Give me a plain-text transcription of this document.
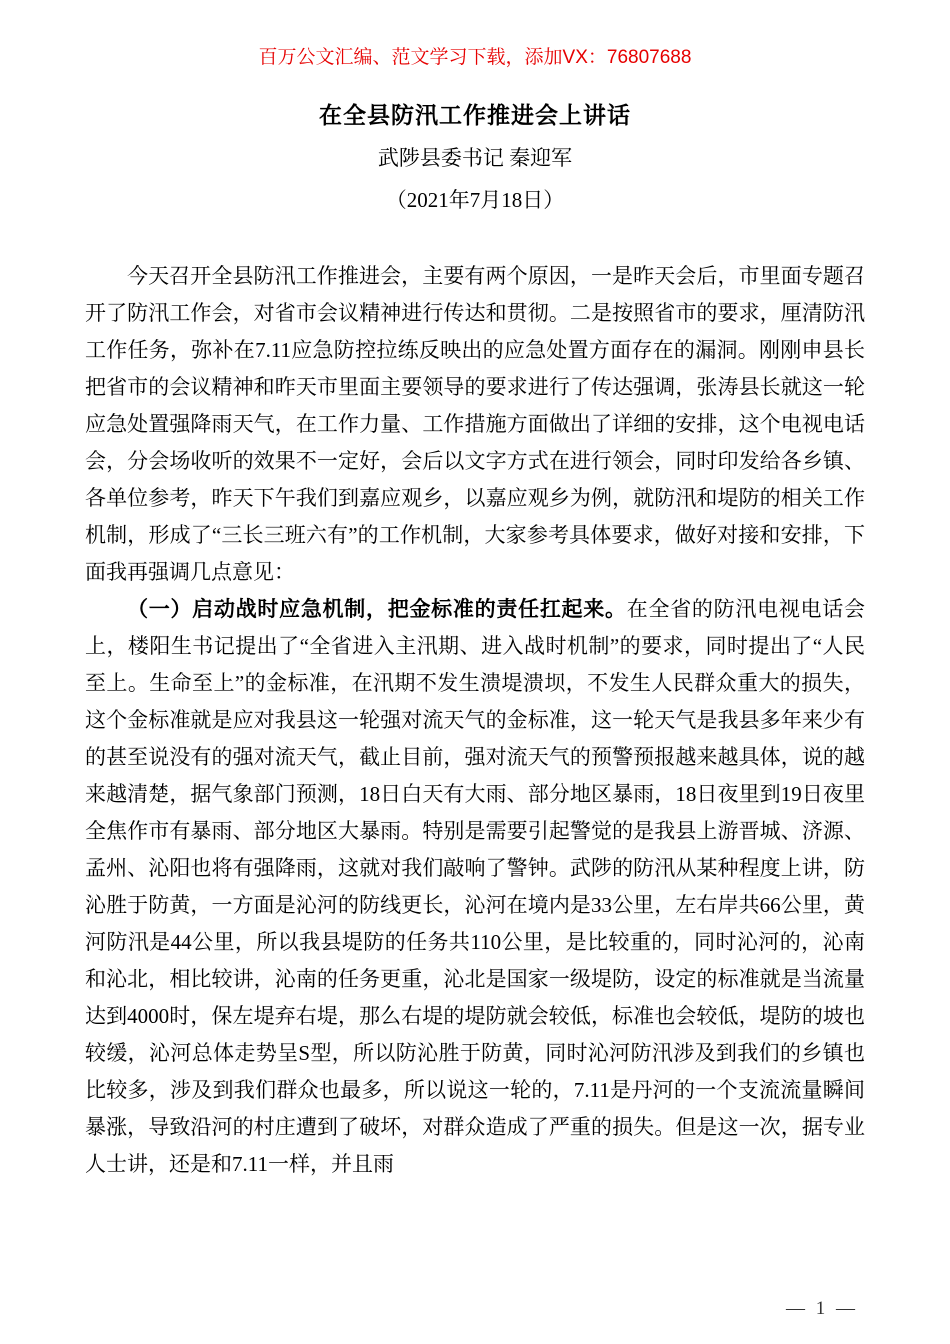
百万公文汇编、范文学习下载，添加VX：76807688
在全县防汛工作推进会上讲话
武陟县委书记 秦迎军
（2021年7月18日）

今天召开全县防汛工作推进会，主要有两个原因，一是昨天会后，市里面专题召开了防汛工作会，对省市会议精神进行传达和贯彻。二是按照省市的要求，厘清防汛工作任务，弥补在7.11应急防控拉练反映出的应急处置方面存在的漏洞。刚刚申县长把省市的会议精神和昨天市里面主要领导的要求进行了传达强调，张涛县长就这一轮应急处置强降雨天气，在工作力量、工作措施方面做出了详细的安排，这个电视电话会，分会场收听的效果不一定好，会后以文字方式在进行领会，同时印发给各乡镇、各单位参考，昨天下午我们到嘉应观乡，以嘉应观乡为例，就防汛和堤防的相关工作机制，形成了“三长三班六有”的工作机制，大家参考具体要求，做好对接和安排，下面我再强调几点意见：

（一）启动战时应急机制，把金标准的责任扛起来。在全省的防汛电视电话会上，楼阳生书记提出了“全省进入主汛期、进入战时机制”的要求，同时提出了“人民至上。生命至上”的金标准，在汛期不发生溃堤溃坝，不发生人民群众重大的损失，这个金标准就是应对我县这一轮强对流天气的金标准，这一轮天气是我县多年来少有的甚至说没有的强对流天气，截止目前，强对流天气的预警预报越来越具体，说的越来越清楚，据气象部门预测，18日白天有大雨、部分地区暴雨，18日夜里到19日夜里全焦作市有暴雨、部分地区大暴雨。特别是需要引起警觉的是我县上游晋城、济源、孟州、沁阳也将有强降雨，这就对我们敲响了警钟。武陟的防汛从某种程度上讲，防沁胜于防黄，一方面是沁河的防线更长，沁河在境内是33公里，左右岸共66公里，黄河防汛是44公里，所以我县堤防的任务共110公里，是比较重的，同时沁河的，沁南和沁北，相比较讲，沁南的任务更重，沁北是国家一级堤防，设定的标准就是当流量达到4000时，保左堤弃右堤，那么右堤的堤防就会较低，标准也会较低，堤防的坡也较缓，沁河总体走势呈S型，所以防沁胜于防黄，同时沁河防汛涉及到我们的乡镇也比较多，涉及到我们群众也最多，所以说这一轮的，7.11是丹河的一个支流流量瞬间暴涨，导致沿河的村庄遭到了破坏，对群众造成了严重的损失。但是这一次，据专业人士讲，还是和7.11一样，并且雨

— 1 —
